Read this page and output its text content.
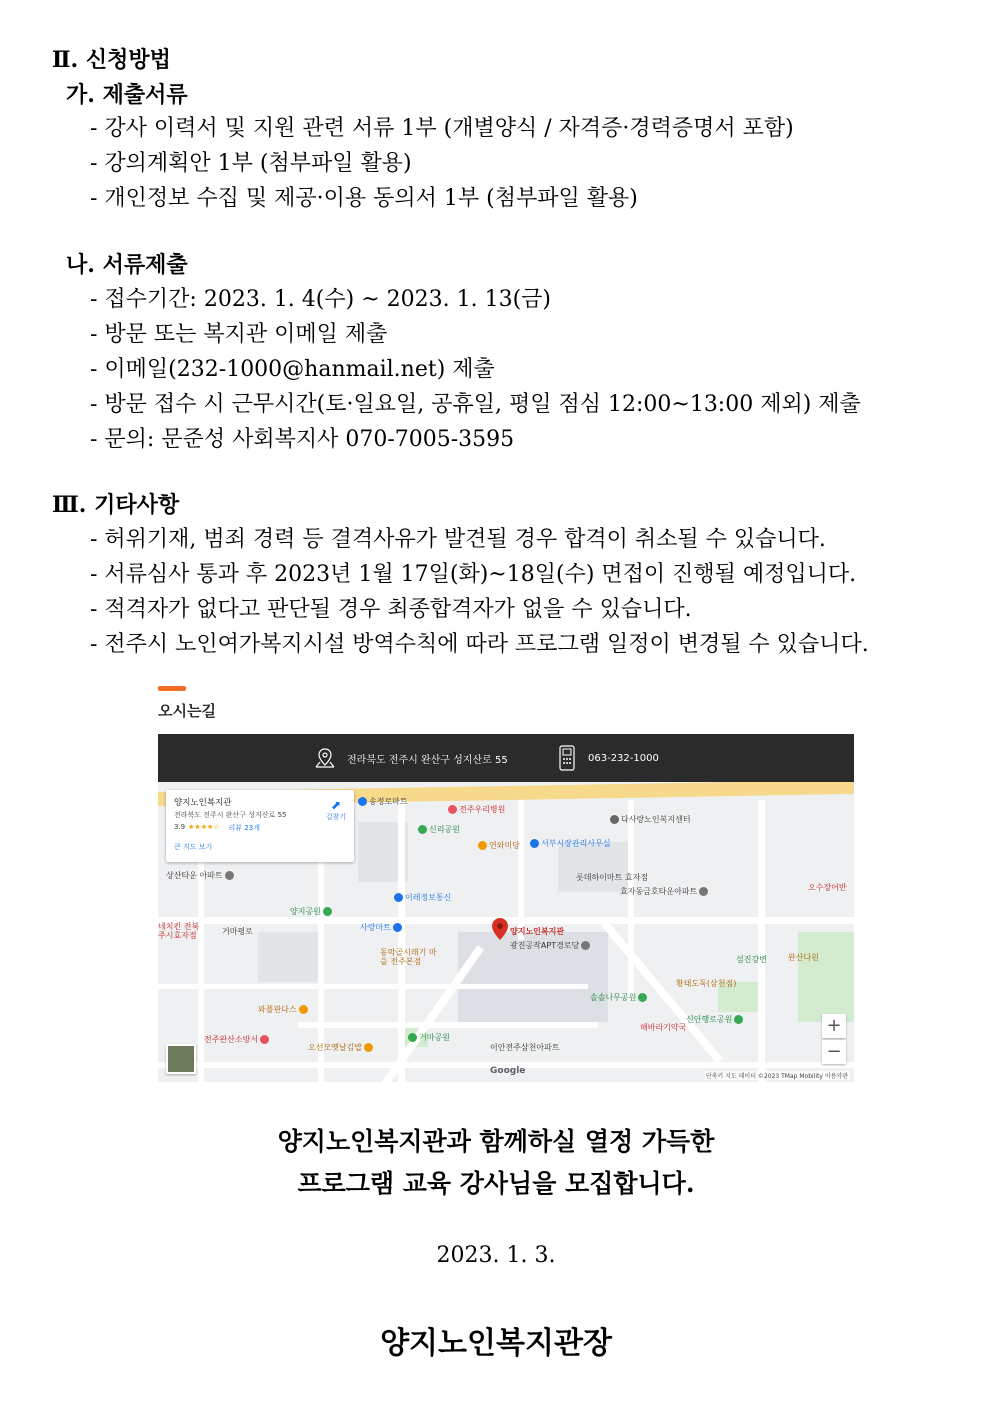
Ⅱ. 신청방법
가. 제출서류
- 강사 이력서 및 지원 관련 서류 1부 (개별양식 / 자격증·경력증명서 포함)
- 강의계획안 1부 (첨부파일 활용)
- 개인정보 수집 및 제공·이용 동의서 1부 (첨부파일 활용)
나. 서류제출
- 접수기간: 2023. 1. 4(수) ~ 2023. 1. 13(금)
- 방문 또는 복지관 이메일 제출
- 이메일(232-1000@hanmail.net) 제출
- 방문 접수 시 근무시간(토·일요일, 공휴일, 평일 점심 12:00~13:00 제외) 제출
- 문의: 문준성 사회복지사 070-7005-3595
Ⅲ. 기타사항
- 허위기재, 범죄 경력 등 결격사유가 발견될 경우 합격이 취소될 수 있습니다.
- 서류심사 통과 후 2023년 1월 17일(화)~18일(수) 면접이 진행될 예정입니다.
- 적격자가 없다고 판단될 경우 최종합격자가 없을 수 있습니다.
- 전주시 노인여가복지시설 방역수칙에 따라 프로그램 일정이 변경될 수 있습니다.
오시는길
전라북도 전주시 완산구 성지산로 55	063-232-1000
양지노인복지관
전라북도 전주시 완산구 성지산로 55
3.9 ★★★★☆ 리뷰 23개
큰 지도 보기
⬈
길찾기
송정로마트
전주우리병원
신리공원
연와미당	서부시장관리사무실
다사랑노인복지센터
롯데하이마트 효자점
효자동금호타운아파트
상산타운 아파트
이레정보통신
양지공원
사랑마트
광진공작APT경로당
동막골시래기 마을 전주본점	섬진강변	완산다원
솔솔나무공원
황태도둑(삼천점)
신안행로공원
와플판다스
전주완산소방서
오선모옛날김밥
거마공원
이안전주삼천아파트
해바라기약국
오수장어반
네치킨 전북 주시효자점	거마평로	양지노인복지관
+
−
Google
단축키 지도 데이터 ©2023 TMap Mobility 이용약관
양지노인복지관과 함께하실 열정 가득한
프로그램 교육 강사님을 모집합니다.
2023. 1. 3.
양지노인복지관장
